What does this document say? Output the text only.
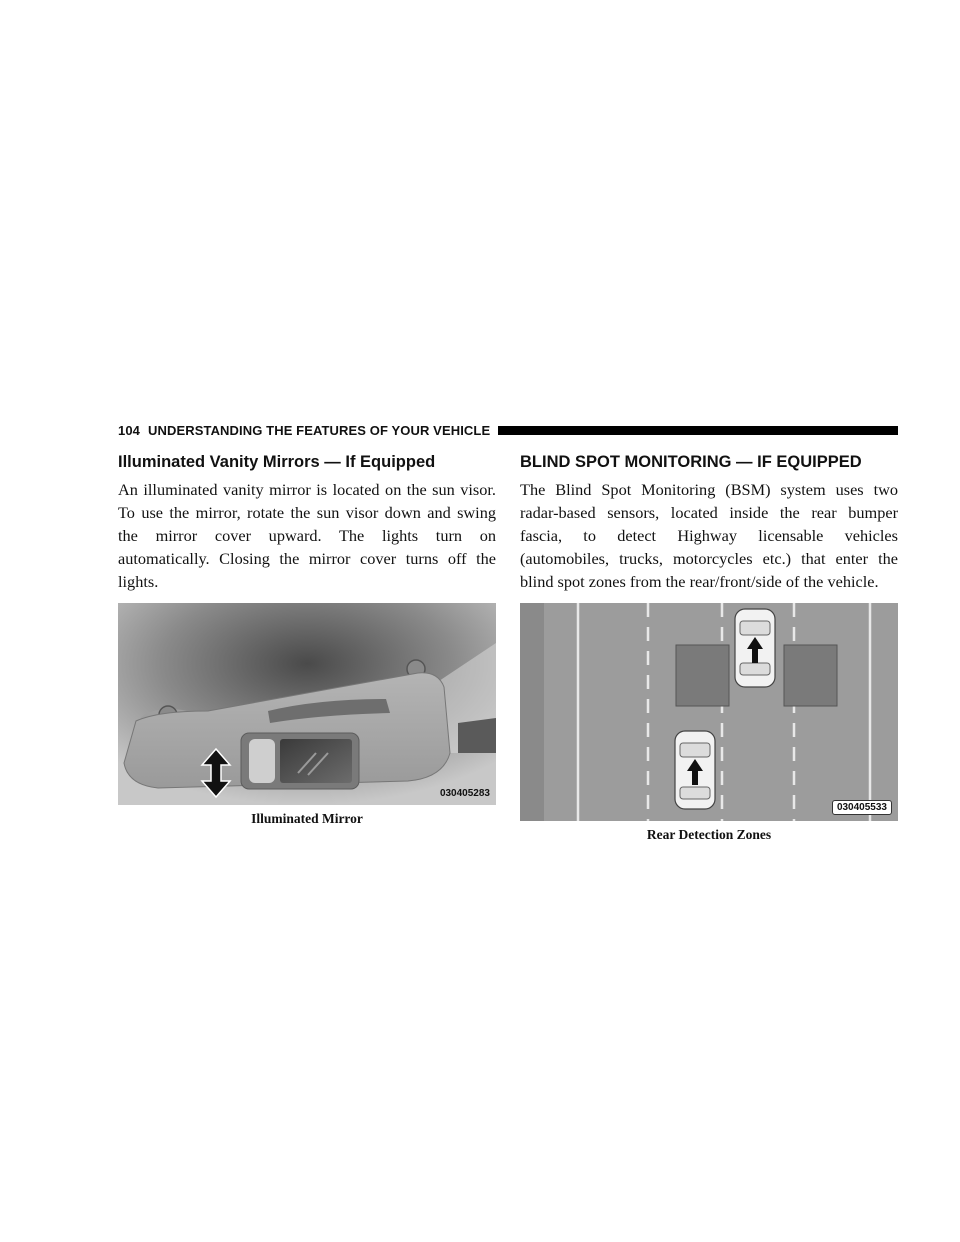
104 UNDERSTANDING THE FEATURES OF YOUR VEHICLE
Illuminated Vanity Mirrors — If Equipped

An illuminated vanity mirror is located on the sun visor. To use the mirror, rotate the sun visor down and swing the mirror cover upward. The lights turn on automatically. Closing the mirror cover turns off the lights.

030405283
Illuminated Mirror
BLIND SPOT MONITORING — IF EQUIPPED

The Blind Spot Monitoring (BSM) system uses two radar-based sensors, located inside the rear bumper fascia, to detect Highway licensable vehicles (automobiles, trucks, motorcycles etc.) that enter the blind spot zones from the rear/front/side of the vehicle.

030405533
Rear Detection Zones
